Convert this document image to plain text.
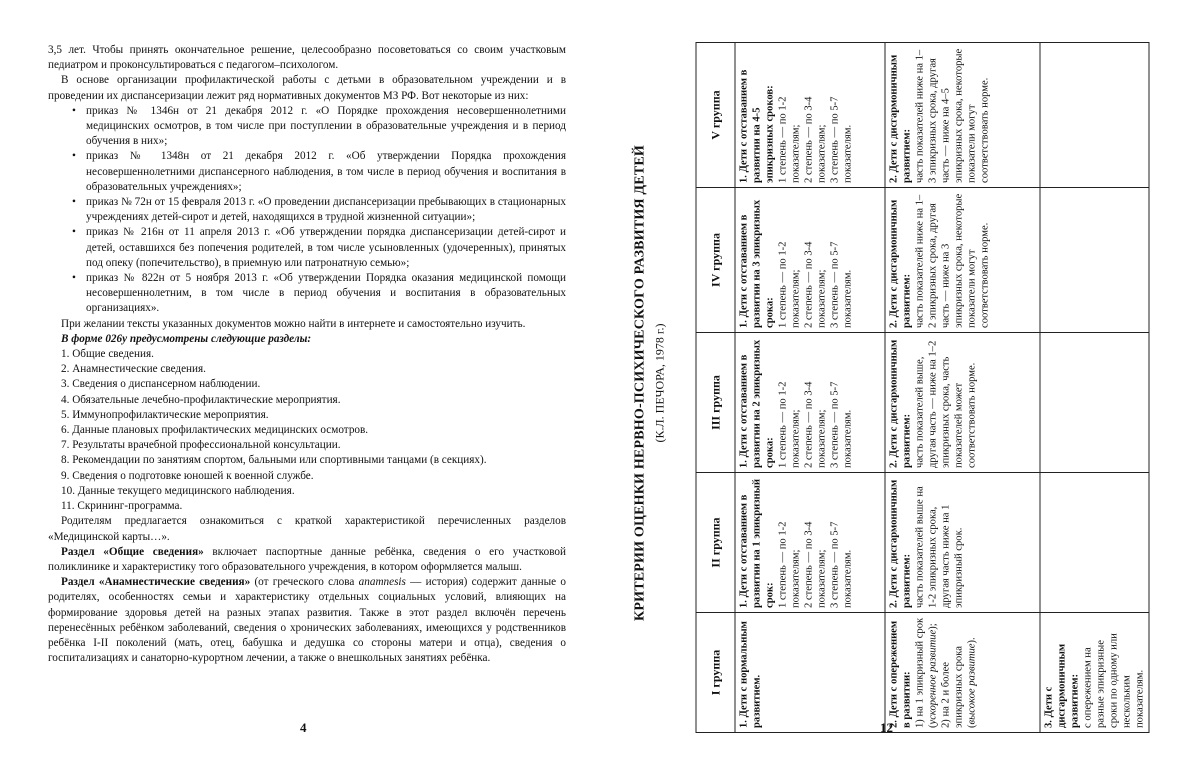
3,5 лет. Чтобы принять окончательное решение, целесообразно посоветоваться со своим участковым педиатром и проконсультироваться с педагогом–психологом.

В основе организации профилактической работы с детьми в образовательном учреждении и в проведении их диспансеризации лежит ряд нормативных документов МЗ РФ. Вот некоторые из них:

• приказ № 1346н от 21 декабря 2012 г. «О Порядке прохождения несовершеннолетними медицинских осмотров, в том числе при поступлении в образовательные учреждения и в период обучения в них»;
• приказ № 1348н от 21 декабря 2012 г. «Об утверждении Порядка прохождения несовершеннолетними диспансерного наблюдения, в том числе в период обучения и воспитания в образовательных учреждениях»;
• приказ № 72н от 15 февраля 2013 г. «О проведении диспансеризации пребывающих в стационарных учреждениях детей-сирот и детей, находящихся в трудной жизненной ситуации»;
• приказ № 216н от 11 апреля 2013 г. «Об утверждении порядка диспансеризации детей-сирот и детей, оставшихся без попечения родителей, в том числе усыновленных (удочеренных), принятых под опеку (попечительство), в приемную или патронатную семью»;
• приказ № 822н от 5 ноября 2013 г. «Об утверждении Порядка оказания медицинской помощи несовершеннолетним, в том числе в период обучения и воспитания в образовательных организациях».

При желании тексты указанных документов можно найти в интернете и самостоятельно изучить.

В форме 026у предусмотрены следующие разделы:

1. Общие сведения.
2. Анамнестические сведения.
3. Сведения о диспансерном наблюдении.
4. Обязательные лечебно-профилактические мероприятия.
5. Иммунопрофилактические мероприятия.
6. Данные плановых профилактических медицинских осмотров.
7. Результаты врачебной профессиональной консультации.
8. Рекомендации по занятиям спортом, бальными или спортивными танцами (в секциях).
9. Сведения о подготовке юношей к военной службе.
10. Данные текущего медицинского наблюдения.
11. Скрининг-программа.

Родителям предлагается ознакомиться с краткой характеристикой перечисленных разделов «Медицинской карты…».

Раздел «Общие сведения» включает паспортные данные ребёнка, сведения о его участковой поликлинике и характеристику того образовательного учреждения, в котором оформляется малыш.

Раздел «Анамнестические сведения» (от греческого слова anamnesis — история) содержит данные о родителях, особенностях семьи и характеристику отдельных социальных условий, влияющих на формирование здоровья детей на разных этапах развития. Также в этот раздел включён перечень перенесённых ребёнком заболеваний, сведения о хронических заболеваниях, имеющихся у родственников ребёнка I-II поколений (мать, отец, бабушка и дедушка со стороны матери и отца), сведения о госпитализациях и санаторно-курортном лечении, а также о внешкольных занятиях ребёнка.

4
КРИТЕРИИ ОЦЕНКИ НЕРВНО-ПСИХИЧЕСКОГО РАЗВИТИЯ ДЕТЕЙ (К.Л. ПЕЧОРА, 1978 г.)
I группа	II группа	III группа	IV группа	V группа

1. Дети с нормальным развитием.	1. Дети с отставанием в развитии на 1 эпикризный срок: 1 степень — по 1-2 показателям; 2 степень — по 3-4 показателям; 3 степень — по 5-7 показателям.	1. Дети с отставанием в развитии на 2 эпикризных срока: 1 степень — по 1-2 показателям; 2 степень — по 3-4 показателям; 3 степень — по 5-7 показателям.	1. Дети с отставанием в развитии на 3 эпикризных срока: 1 степень — по 1-2 показателям; 2 степень — по 3-4 показателям; 3 степень — по 5-7 показателям.	1. Дети с отставанием в развитии на 4-5 эпикризных сроков: 1 степень — по 1-2 показателям; 2 степень — по 3-4 показателям; 3 степень — по 5-7 показателям.

2. Дети с опережением в развитии: 1) на 1 эпикризный срок (ускоренное развитие);
2) на 2 и более эпикризных срока (высокое развитие).	2. Дети с дисгармоничным развитием: часть показателей выше на 1-2 эпикризных срока, другая часть ниже на 1 эпикризный срок.	2. Дети с дисгармоничным развитием: часть показателей выше, другая часть — ниже на 1–2 эпикризных срока, часть показателей может соответствовать норме.	2. Дети с дисгармоничным развитием: часть показателей ниже на 1–2 эпикризных срока, другая часть — ниже на 3 эпикризных срока, некоторые показатели могут соответствовать норме.	2. Дети с дисгармоничным развитием: часть показателей ниже на 1–3 эпикризных срока, другая часть — ниже на 4–5 эпикризных срока, некоторые показатели могут соответствовать норме.

3. Дети с дисгармоничным развитием: с опережением на разные эпикризные сроки по одному или нескольким показателям.				
12
